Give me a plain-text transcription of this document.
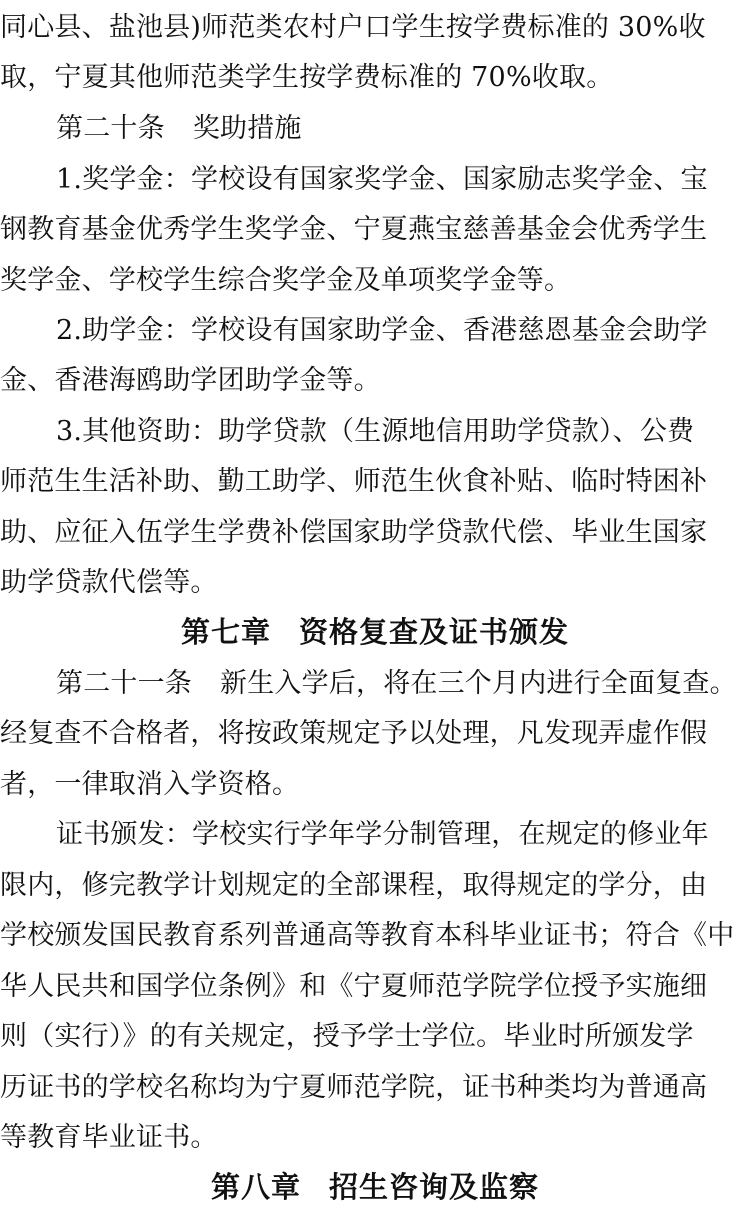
同心县、盐池县)师范类农村户口学生按学费标准的 30%收
取，宁夏其他师范类学生按学费标准的 70%收取。
第二十条 奖助措施
1.奖学金：学校设有国家奖学金、国家励志奖学金、宝
钢教育基金优秀学生奖学金、宁夏燕宝慈善基金会优秀学生
奖学金、学校学生综合奖学金及单项奖学金等。
2.助学金：学校设有国家助学金、香港慈恩基金会助学
金、香港海鸥助学团助学金等。
3.其他资助：助学贷款（生源地信用助学贷款）、公费
师范生生活补助、勤工助学、师范生伙食补贴、临时特困补
助、应征入伍学生学费补偿国家助学贷款代偿、毕业生国家
助学贷款代偿等。
第七章 资格复查及证书颁发
第二十一条 新生入学后，将在三个月内进行全面复查。
经复查不合格者，将按政策规定予以处理，凡发现弄虚作假
者，一律取消入学资格。
证书颁发：学校实行学年学分制管理，在规定的修业年
限内，修完教学计划规定的全部课程，取得规定的学分，由
学校颁发国民教育系列普通高等教育本科毕业证书；符合《中
华人民共和国学位条例》和《宁夏师范学院学位授予实施细
则（实行）》的有关规定，授予学士学位。毕业时所颁发学
历证书的学校名称均为宁夏师范学院，证书种类均为普通高
等教育毕业证书。
第八章 招生咨询及监察
